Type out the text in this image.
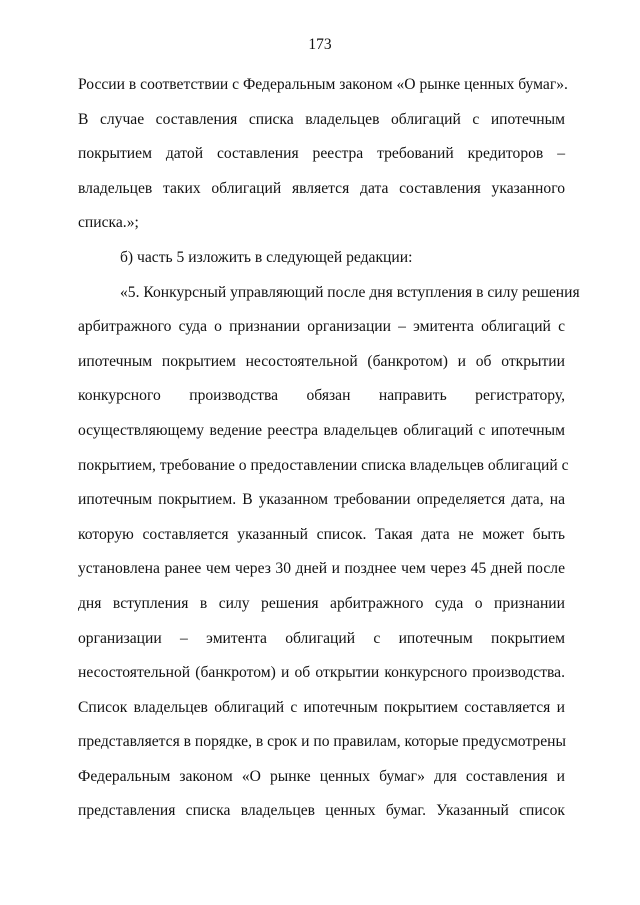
173
России в соответствии с Федеральным законом «О рынке ценных бумаг».
В случае составления списка владельцев облигаций с ипотечным
покрытием датой составления реестра требований кредиторов –
владельцев таких облигаций является дата составления указанного
списка.»;
б) часть 5 изложить в следующей редакции:
«5. Конкурсный управляющий после дня вступления в силу решения
арбитражного суда о признании организации – эмитента облигаций с
ипотечным покрытием несостоятельной (банкротом) и об открытии
конкурсного производства обязан направить регистратору,
осуществляющему ведение реестра владельцев облигаций с ипотечным
покрытием, требование о предоставлении списка владельцев облигаций с
ипотечным покрытием. В указанном требовании определяется дата, на
которую составляется указанный список. Такая дата не может быть
установлена ранее чем через 30 дней и позднее чем через 45 дней после
дня вступления в силу решения арбитражного суда о признании
организации – эмитента облигаций с ипотечным покрытием
несостоятельной (банкротом) и об открытии конкурсного производства.
Список владельцев облигаций с ипотечным покрытием составляется и
представляется в порядке, в срок и по правилам, которые предусмотрены
Федеральным законом «О рынке ценных бумаг» для составления и
представления списка владельцев ценных бумаг. Указанный список
